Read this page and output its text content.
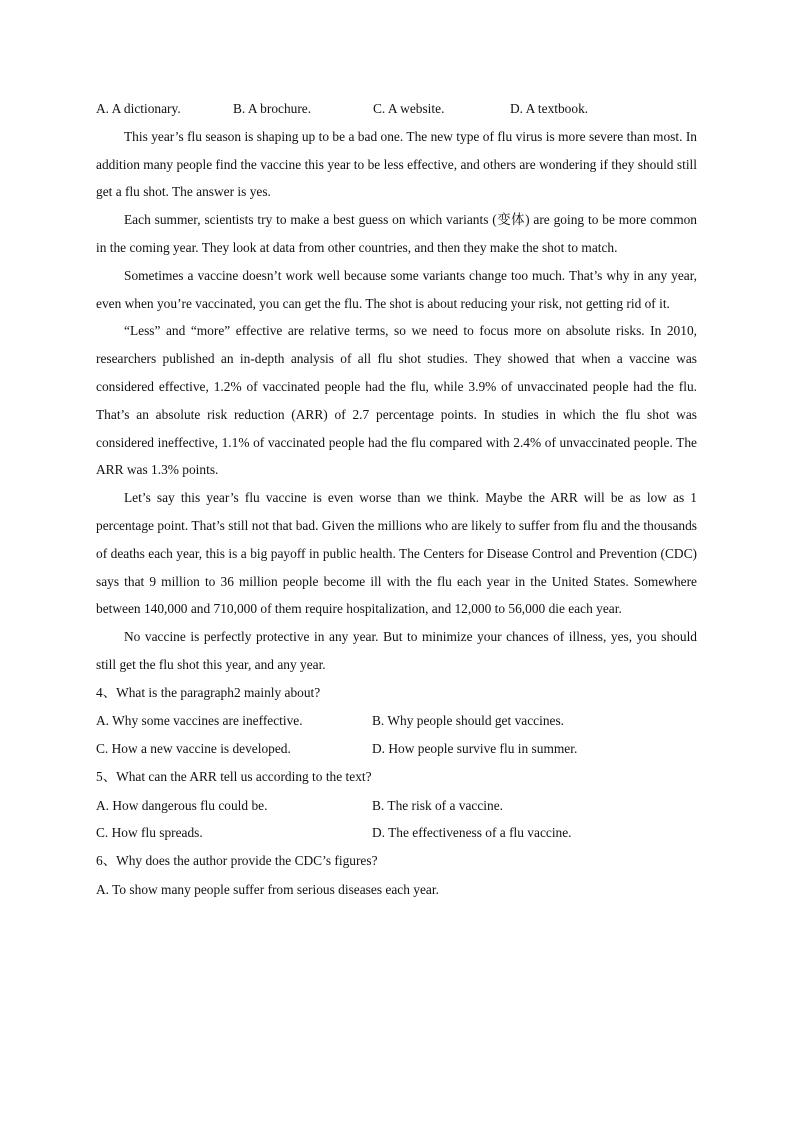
A. A dictionary.	B. A brochure.	C. A website.	D. A textbook.

This year’s flu season is shaping up to be a bad one. The new type of flu virus is more severe than most. In addition many people find the vaccine this year to be less effective, and others are wondering if they should still get a flu shot. The answer is yes.

Each summer, scientists try to make a best guess on which variants (变体) are going to be more common in the coming year. They look at data from other countries, and then they make the shot to match.

Sometimes a vaccine doesn’t work well because some variants change too much. That’s why in any year, even when you’re vaccinated, you can get the flu. The shot is about reducing your risk, not getting rid of it.

“Less” and “more” effective are relative terms, so we need to focus more on absolute risks. In 2010, researchers published an in-depth analysis of all flu shot studies. They showed that when a vaccine was considered effective, 1.2% of vaccinated people had the flu, while 3.9% of unvaccinated people had the flu. That’s an absolute risk reduction (ARR) of 2.7 percentage points. In studies in which the flu shot was considered ineffective, 1.1% of vaccinated people had the flu compared with 2.4% of unvaccinated people. The ARR was 1.3% points.

Let’s say this year’s flu vaccine is even worse than we think. Maybe the ARR will be as low as 1 percentage point. That’s still not that bad. Given the millions who are likely to suffer from flu and the thousands of deaths each year, this is a big payoff in public health. The Centers for Disease Control and Prevention (CDC) says that 9 million to 36 million people become ill with the flu each year in the United States. Somewhere between 140,000 and 710,000 of them require hospitalization, and 12,000 to 56,000 die each year.

No vaccine is perfectly protective in any year. But to minimize your chances of illness, yes, you should still get the flu shot this year, and any year.

4、What is the paragraph2 mainly about?
A. Why some vaccines are ineffective.	B. Why people should get vaccines.
C. How a new vaccine is developed.	D. How people survive flu in summer.
5、What can the ARR tell us according to the text?
A. How dangerous flu could be.	B. The risk of a vaccine.
C. How flu spreads.	D. The effectiveness of a flu vaccine.
6、Why does the author provide the CDC’s figures?
A. To show many people suffer from serious diseases each year.
